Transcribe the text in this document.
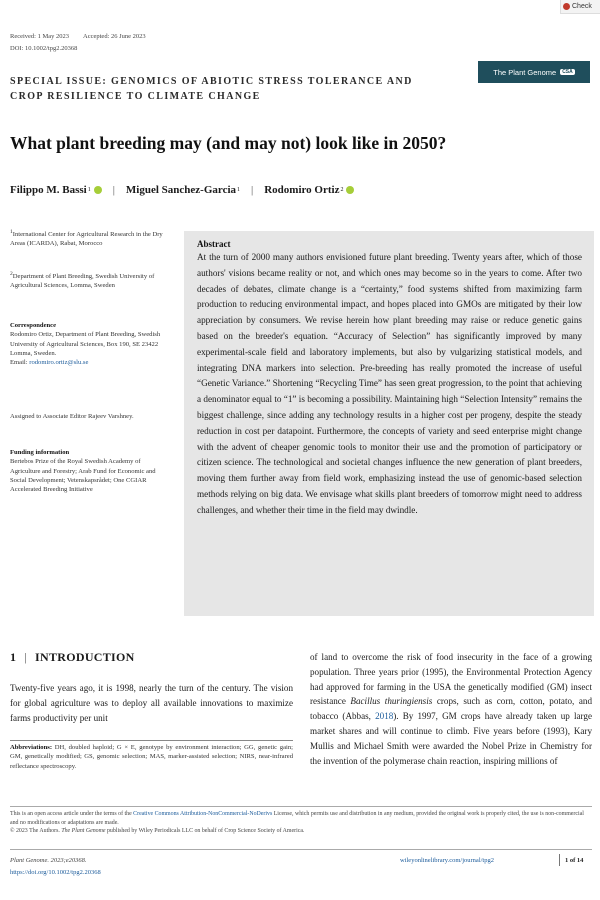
Check
Received: 1 May 2023 Accepted: 26 June 2023
DOI: 10.1002/tpg2.20368
SPECIAL ISSUE: GENOMICS OF ABIOTIC STRESS TOLERANCE AND
CROP RESILIENCE TO CLIMATE CHANGE
The Plant Genome	CSA
What plant breeding may (and may not) look like in 2050?
Filippo M. Bassi 1 | Miguel Sanchez-Garcia 1 | Rodomiro Ortiz 2
$^1$International Center for Agricultural Research in the Dry Areas (ICARDA), Rabat, Morocco
$^2$Department of Plant Breeding, Swedish University of Agricultural Sciences, Lomma, Sweden
Correspondence
Rodomiro Ortiz, Department of Plant Breeding, Swedish University of Agricultural Sciences, Box 190, SE 23422 Lomma, Sweden.
Email: rodomiro.ortiz@slu.se
Assigned to Associate Editor Rajeev Varshney.
Funding information
Bertebos Prize of the Royal Swedish Academy of Agriculture and Forestry; Arab Fund for Economic and Social Development; Vetenskapsrådet; One CGIAR Accelerated Breeding Initiative
Abstract
At the turn of 2000 many authors envisioned future plant breeding. Twenty years after, which of those authors' visions became reality or not, and which ones may become so in the years to come. After two decades of debates, climate change is a “certainty,” food systems shifted from maximizing farm production to reducing environmental impact, and hopes placed into GMOs are mitigated by their low appreciation by consumers. We revise herein how plant breeding may raise or reduce genetic gains based on the breeder's equation. “Accuracy of Selection” has significantly improved by many experimental-scale field and laboratory implements, but also by vulgarizing statistical models, and integrating DNA markers into selection. Pre-breeding has really promoted the increase of useful “Genetic Variance.” Shortening “Recycling Time” has seen great progression, to the point that achieving a denominator equal to “1” is becoming a possibility. Maintaining high “Selection Intensity” remains the biggest challenge, since adding any technology results in a higher cost per progeny, despite the steady reduction in cost per datapoint. Furthermore, the concepts of variety and seed enterprise might change with the advent of cheaper genomic tools to monitor their use and the promotion of participatory or citizen science. The technological and societal changes influence the new generation of plant breeders, moving them further away from field work, emphasizing instead the use of genomic-based selection methods relying on big data. We envisage what skills plant breeders of tomorrow might need to address challenges, and whether their time in the field may dwindle.
1 | INTRODUCTION
Twenty-five years ago, it is 1998, nearly the turn of the century. The vision for global agriculture was to deploy all available innovations to maximize farms productivity per unit
Abbreviations: DH, doubled haploid; G × E, genotype by environment interaction; GG, genetic gain; GM, genetically modified; GS, genomic selection; MAS, marker-assisted selection; NIRS, near-infrared reflectance spectroscopy.
of land to overcome the risk of food insecurity in the face of a growing population. Three years prior (1995), the Environmental Protection Agency had approved for farming in the USA the genetically modified (GM) insect resistance Bacillus thuringiensis crops, such as corn, cotton, potato, and tobacco (Abbas, 2018). By 1997, GM crops have already taken up large market shares and will continue to climb. Five years before (1993), Kary Mullis and Michael Smith were awarded the Nobel Prize in Chemistry for the invention of the polymerase chain reaction, inspiring millions of
This is an open access article under the terms of the Creative Commons Attribution-NonCommercial-NoDerivs License, which permits use and distribution in any medium, provided the original work is properly cited, the use is non-commercial and no modifications or adaptations are made.
© 2023 The Authors. The Plant Genome published by Wiley Periodicals LLC on behalf of Crop Science Society of America.
Plant Genome. 2023;e20368.
https://doi.org/10.1002/tpg2.20368
wileyonlinelibrary.com/journal/tpg2	1 of 14
